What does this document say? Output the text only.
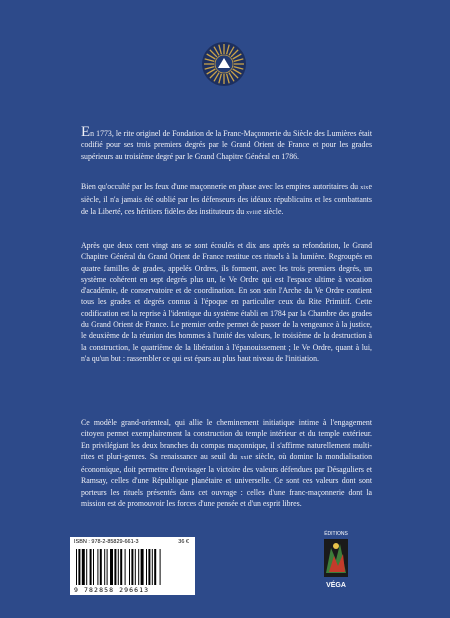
En 1773, le rite originel de Fondation de la Franc-Maçonnerie du Siècle des Lumières était codifié pour ses trois premiers degrés par le Grand Orient de France et pour les grades supérieurs au troisième degré par le Grand Chapitre Général en 1786.

Bien qu'occulté par les feux d'une maçonnerie en phase avec les empires autoritaires du xixe siècle, il n'a jamais été oublié par les défenseurs des idéaux républicains et les combattants de la Liberté, ces héritiers fidèles des instituteurs du xviiie siècle.

Après que deux cent vingt ans se sont écoulés et dix ans après sa refondation, le Grand Chapitre Général du Grand Orient de France restitue ces rituels à la lumière. Regroupés en quatre familles de grades, appelés Ordres, ils forment, avec les trois premiers degrés, un système cohérent en sept degrés plus un, le Ve Ordre qui est l'espace ultime à vocation d'académie, de conservatoire et de coordination. En son sein l'Arche du Ve Ordre contient tous les grades et degrés connus à l'époque en particulier ceux du Rite Primitif. Cette codification est la reprise à l'identique du système établi en 1784 par la Chambre des grades du Grand Orient de France. Le premier ordre permet de passer de la vengeance à la justice, le deuxième de la réunion des hommes à l'unité des valeurs, le troisième de la destruction à la construction, le quatrième de la libération à l'épanouissement ; le Ve Ordre, quant à lui, n'a qu'un but : rassembler ce qui est épars au plus haut niveau de l'initiation.

Ce modèle grand-orienteal, qui allie le cheminement initiatique intime à l'engagement citoyen permet exemplairement la construction du temple intérieur et du temple extérieur. En privilégiant les deux branches du compas maçonnique, il s'affirme naturellement multi-rites et pluri-genres. Sa renaissance au seuil du xxie siècle, où domine la mondialisation économique, doit permettre d'envisager la victoire des valeurs défendues par Désaguliers et Ramsay, celles d'une République planétaire et universelle. Ce sont ces valeurs dont sont porteurs les rituels présentés dans cet ouvrage : celles d'une franc-maçonnerie dont la mission est de promouvoir les forces d'une pensée et d'un esprit libres.

ISBN : 978-2-85829-661-3	36 €
9 782858 296613
ÉDITIONS
VÉGA
